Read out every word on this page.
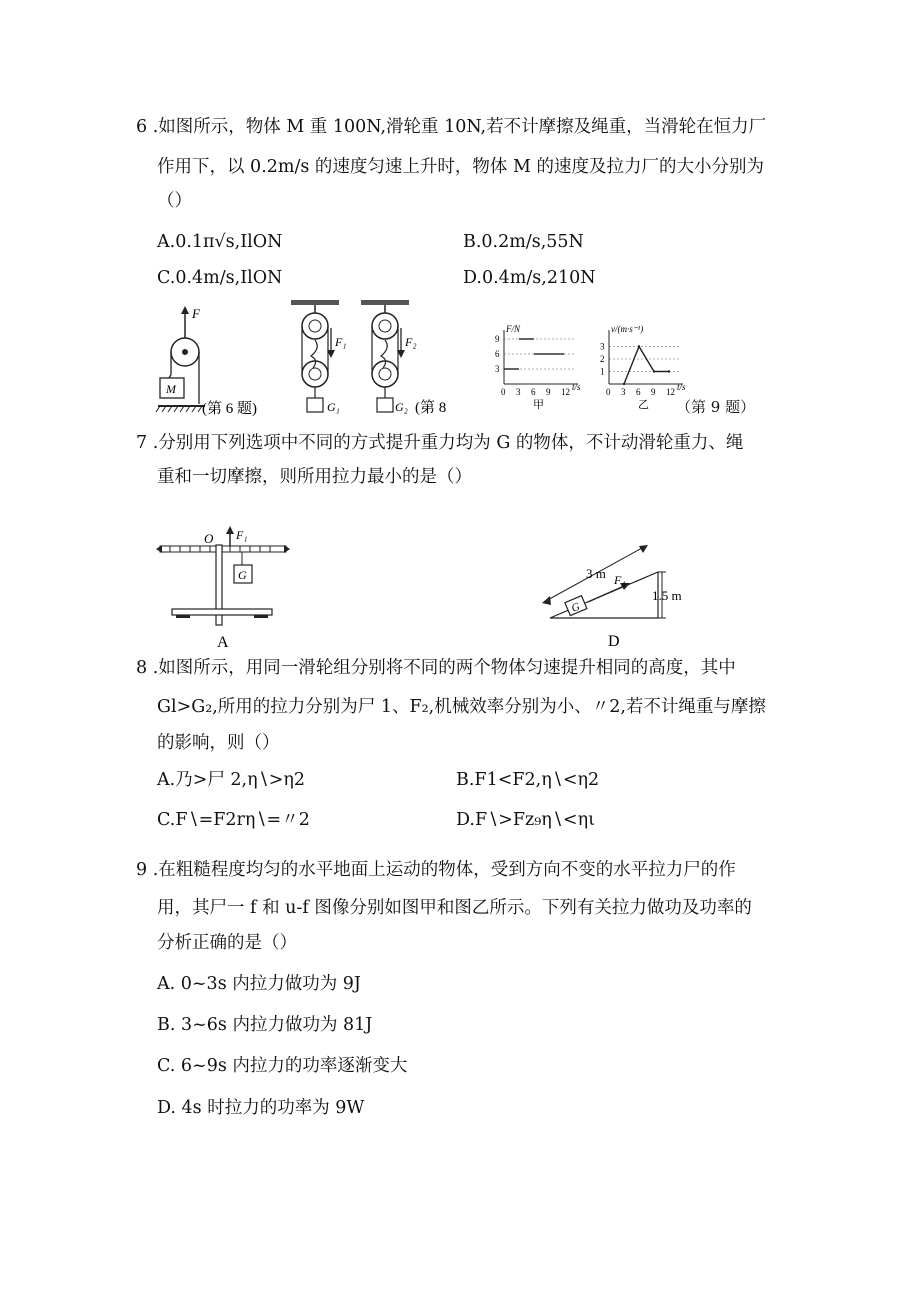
6 .如图所示，物体 M 重 100N,滑轮重 10N,若不计摩擦及绳重，当滑轮在恒力厂
作用下，以 0.2m/s 的速度匀速上升时，物体 M 的速度及拉力厂的大小分别为
（）
A.0.1π√s,IlON	B.0.2m/s,55N
C.0.4m/s,IlON	D.0.4m/s,210N
F
M
(第 6 题)
F₁
G₁
F₂
G₂ (第 8
F/N
t/s
0 3 6 9 12
3
6
9
甲
v/(m·s⁻¹)
t/s
0 3 6 9 12
1
2
3
乙 （第 9 题）
7 .分别用下列选项中不同的方式提升重力均为 G 的物体，不计动滑轮重力、绳
重和一切摩擦，则所用拉力最小的是（）
O F₁
G
A
3 m
G
F₄
1.5 m
D
8 .如图所示，用同一滑轮组分别将不同的两个物体匀速提升相同的高度，其中
Gl>G₂,所用的拉力分别为尸 1、F₂,机械效率分别为小、〃2,若不计绳重与摩擦
的影响，则（）
A.乃>尸 2,η∖>η2	B.F1<F2,η∖<η2
C.F∖=F2rη∖=〃2	D.F∖>Fz₉η∖<ηι
9 .在粗糙程度均匀的水平地面上运动的物体，受到方向不变的水平拉力尸的作
用，其尸一 f 和 u-f 图像分别如图甲和图乙所示。下列有关拉力做功及功率的
分析正确的是（）
A. 0~3s 内拉力做功为 9J
B. 3~6s 内拉力做功为 81J
C. 6~9s 内拉力的功率逐渐变大
D. 4s 时拉力的功率为 9W
